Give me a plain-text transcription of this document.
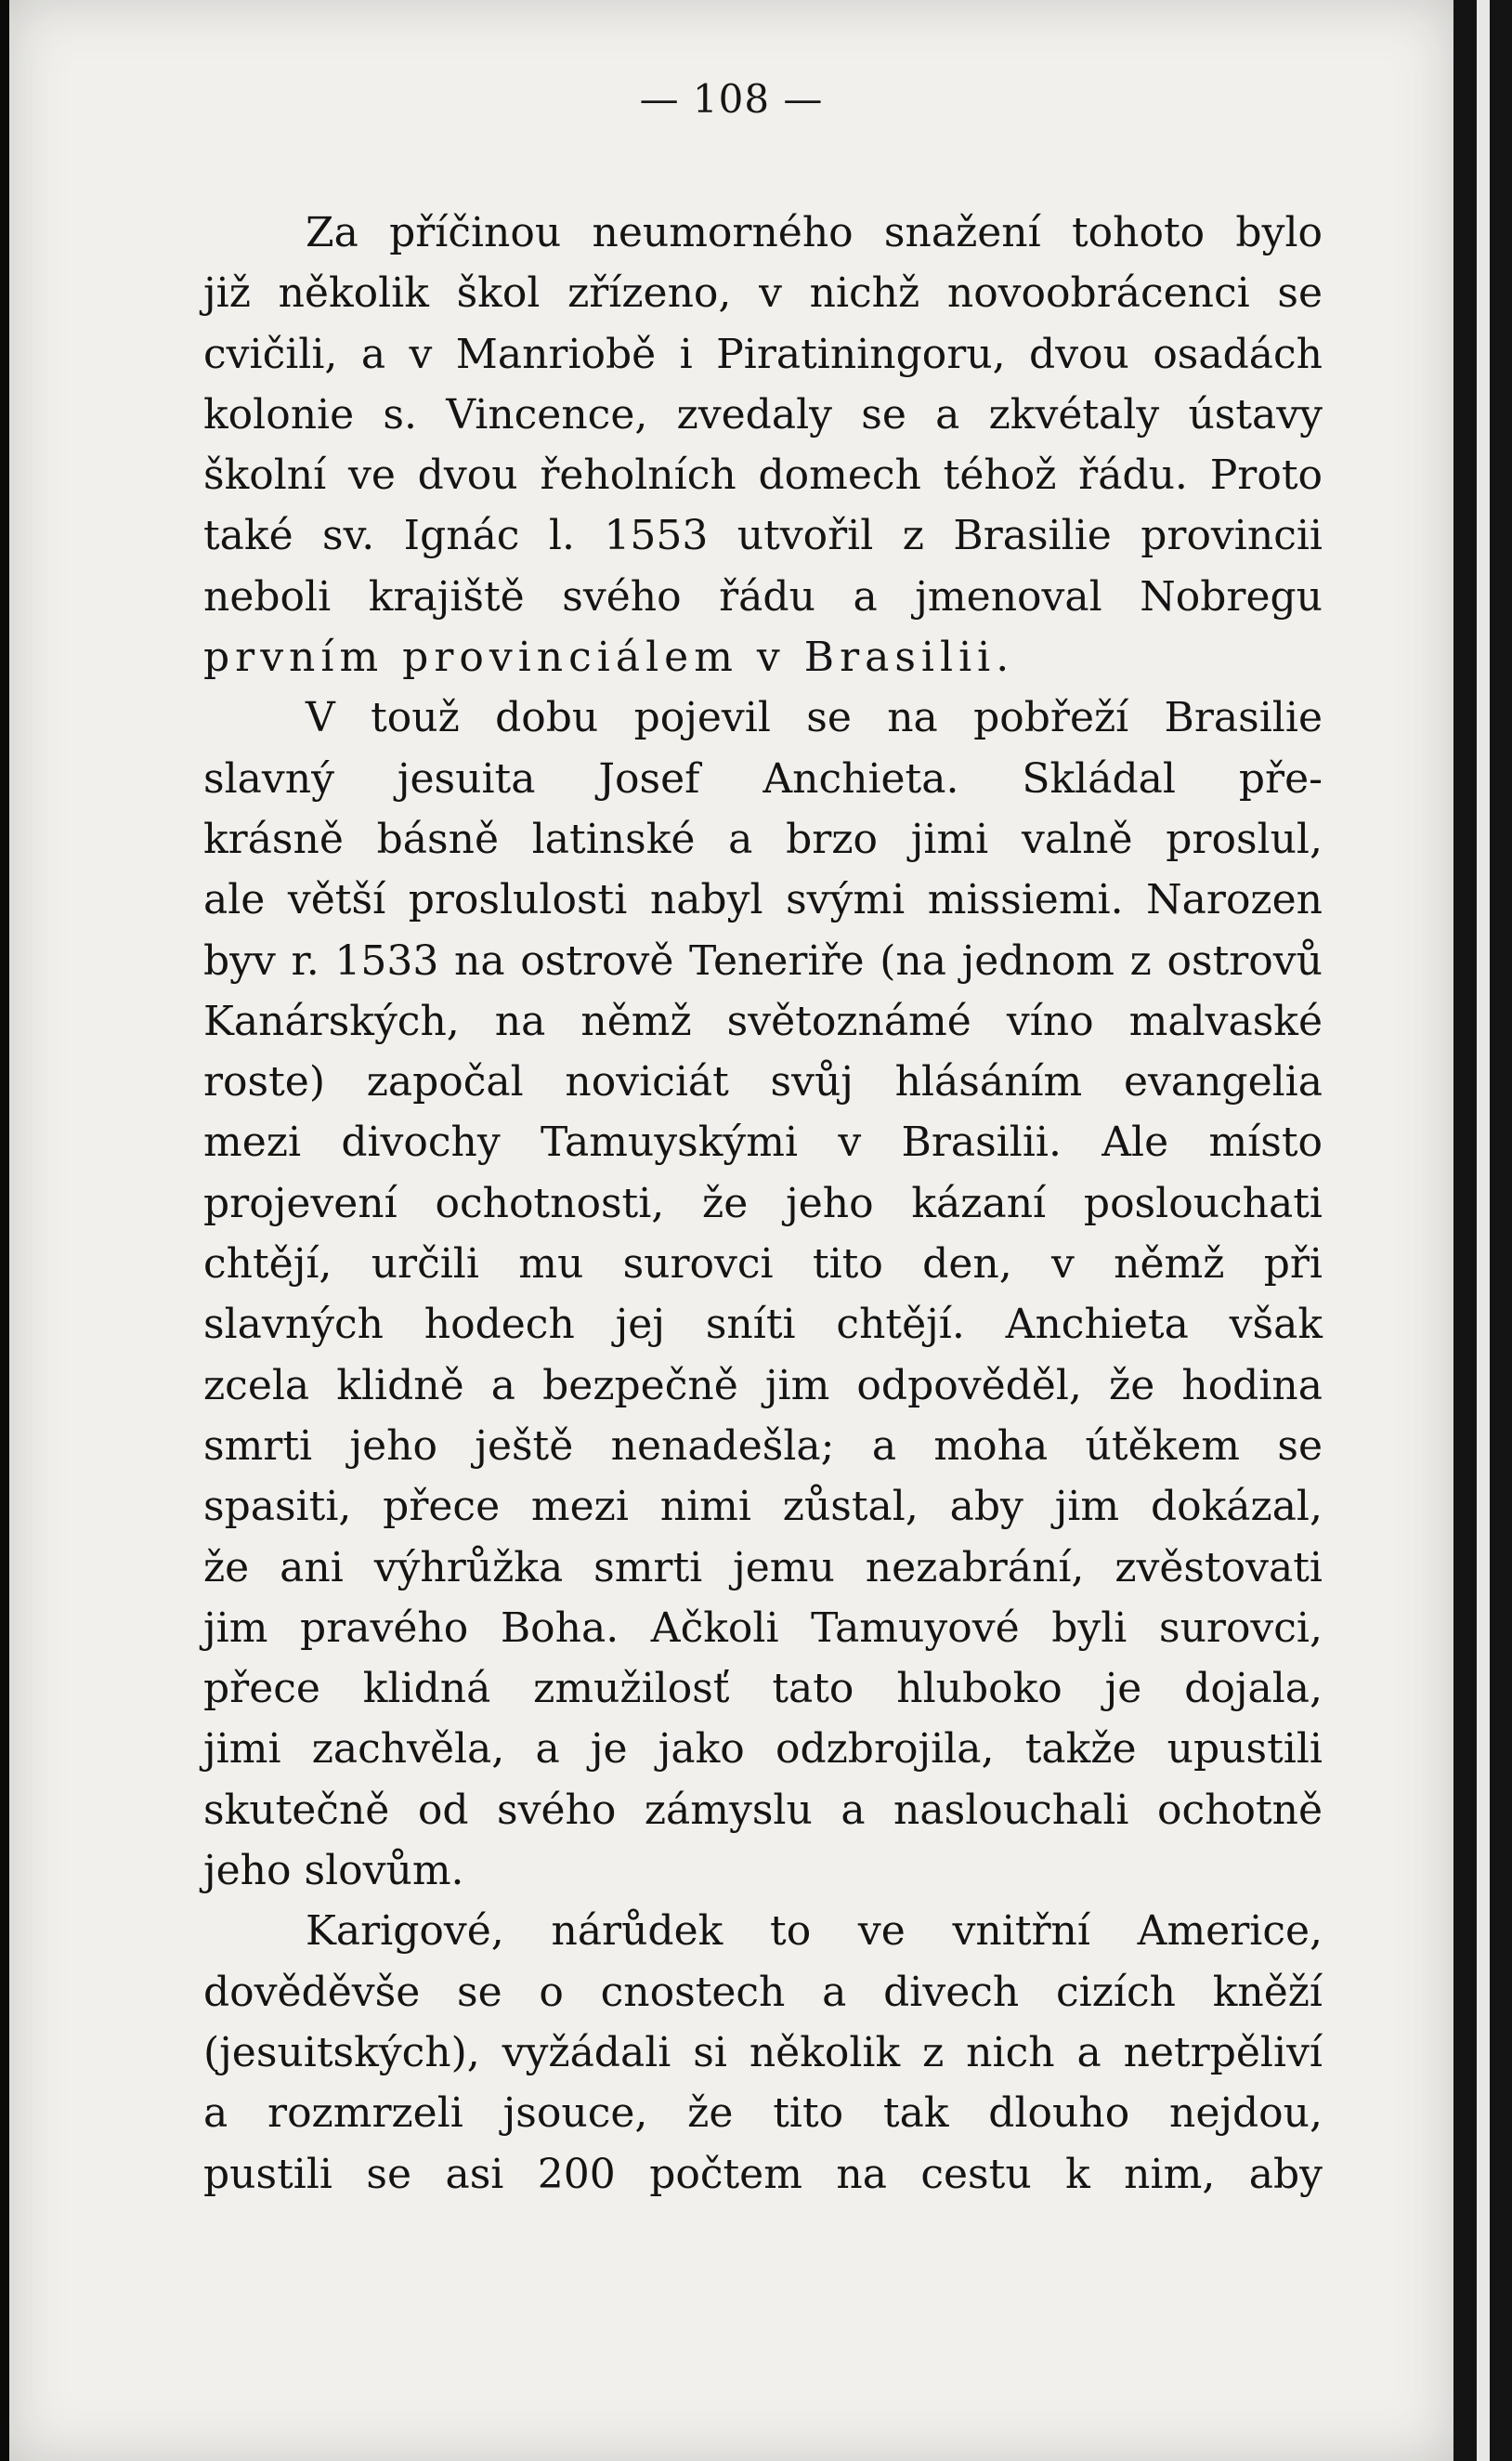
— 108 —
Za příčinou neumorného snažení tohoto bylo
již několik škol zřízeno, v nichž novoobrácenci se
cvičili, a v Manriobě i Piratiningoru, dvou osadách
kolonie s. Vincence, zvedaly se a zkvétaly ústavy
školní ve dvou řeholních domech téhož řádu. Proto
také sv. Ignác l. 1553 utvořil z Brasilie provincii
neboli krajiště svého řádu a jmenoval Nobregu
prvním provinciálem v Brasilii.
V touž dobu pojevil se na pobřeží Brasilie
slavný jesuita Josef Anchieta. Skládal pře-
krásně básně latinské a brzo jimi valně proslul,
ale větší proslulosti nabyl svými missiemi. Narozen
byv r. 1533 na ostrově Teneriře (na jednom z ostrovů
Kanárských, na němž světoznámé víno malvaské
roste) započal noviciát svůj hlásáním evangelia
mezi divochy Tamuyskými v Brasilii. Ale místo
projevení ochotnosti, že jeho kázaní poslouchati
chtějí, určili mu surovci tito den, v němž při
slavných hodech jej sníti chtějí. Anchieta však
zcela klidně a bezpečně jim odpověděl, že hodina
smrti jeho ještě nenadešla; a moha útěkem se
spasiti, přece mezi nimi zůstal, aby jim dokázal,
že ani výhrůžka smrti jemu nezabrání, zvěstovati
jim pravého Boha. Ačkoli Tamuyové byli surovci,
přece klidná zmužilosť tato hluboko je dojala,
jimi zachvěla, a je jako odzbrojila, takže upustili
skutečně od svého zámyslu a naslouchali ochotně
jeho slovům.
Karigové, nárůdek to ve vnitřní Americe,
dověděvše se o cnostech a divech cizích kněží
(jesuitských), vyžádali si několik z nich a netrpěliví
a rozmrzeli jsouce, že tito tak dlouho nejdou,
pustili se asi 200 počtem na cestu k nim, aby
